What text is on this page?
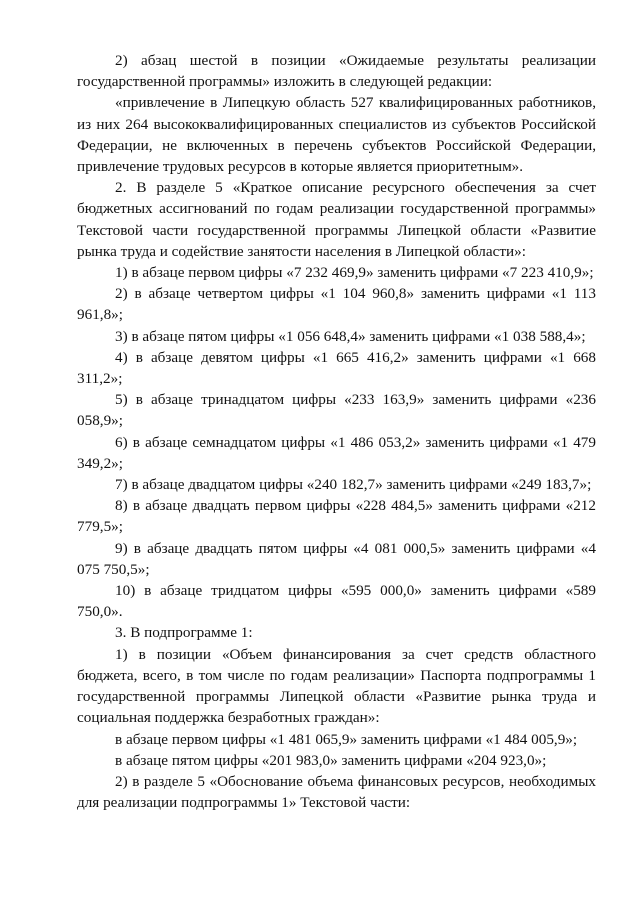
2) абзац шестой в позиции «Ожидаемые результаты реализации государственной программы» изложить в следующей редакции:

«привлечение в Липецкую область 527 квалифицированных работников, из них 264 высококвалифицированных специалистов из субъектов Российской Федерации, не включенных в перечень субъектов Российской Федерации, привлечение трудовых ресурсов в которые является приоритетным».

2. В разделе 5 «Краткое описание ресурсного обеспечения за счет бюджетных ассигнований по годам реализации государственной программы» Текстовой части государственной программы Липецкой области «Развитие рынка труда и содействие занятости населения в Липецкой области»:

1) в абзаце первом цифры «7 232 469,9» заменить цифрами «7 223 410,9»;

2) в абзаце четвертом цифры «1 104 960,8» заменить цифрами «1 113 961,8»;

3) в абзаце пятом цифры «1 056 648,4» заменить цифрами «1 038 588,4»;

4) в абзаце девятом цифры «1 665 416,2» заменить цифрами «1 668 311,2»;

5) в абзаце тринадцатом цифры «233 163,9» заменить цифрами «236 058,9»;

6) в абзаце семнадцатом цифры «1 486 053,2» заменить цифрами «1 479 349,2»;

7) в абзаце двадцатом цифры «240 182,7» заменить цифрами «249 183,7»;

8) в абзаце двадцать первом цифры «228 484,5» заменить цифрами «212 779,5»;

9) в абзаце двадцать пятом цифры «4 081 000,5» заменить цифрами «4 075 750,5»;

10) в абзаце тридцатом цифры «595 000,0» заменить цифрами «589 750,0».

3. В подпрограмме 1:

1) в позиции «Объем финансирования за счет средств областного бюджета, всего, в том числе по годам реализации» Паспорта подпрограммы 1 государственной программы Липецкой области «Развитие рынка труда и социальная поддержка безработных граждан»:

в абзаце первом цифры «1 481 065,9» заменить цифрами «1 484 005,9»;

в абзаце пятом цифры «201 983,0» заменить цифрами «204 923,0»;

2) в разделе 5 «Обоснование объема финансовых ресурсов, необходимых для реализации подпрограммы 1» Текстовой части:
